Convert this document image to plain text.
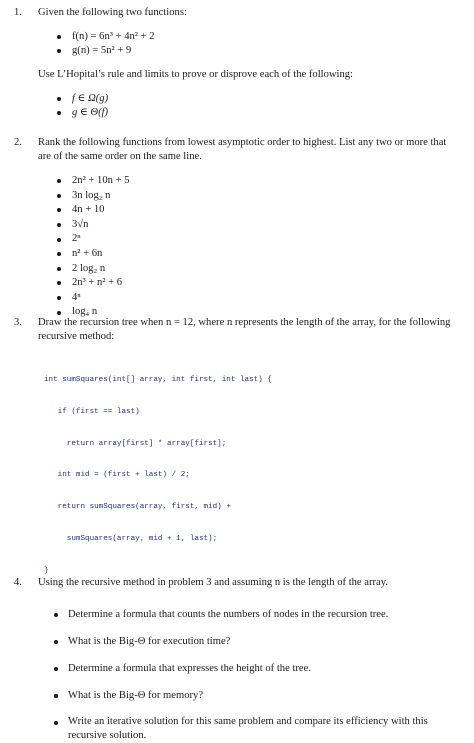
1. Given the following two functions:
f(n) = 6n³ + 4n² + 2
g(n) = 5n² + 9
Use L’Hopital’s rule and limits to prove or disprove each of the following:
f ∈ Ω(g)
g ∈ Θ(f)
2. Rank the following functions from lowest asymptotic order to highest. List any two or more that are of the same order on the same line.
2n² + 10n + 5
3n log₂ n
4n + 10
3√n
2ⁿ
n² + 6n
2 log₂ n
2n³ + n² + 6
4ⁿ
log₄ n
3. Draw the recursion tree when n = 12, where n represents the length of the array, for the following recursive method:

int sumSquares(int[] array, int first, int last) {

if (first == last)

return array[first] * array[first];

int mid = (first + last) / 2;

return sumSquares(array, first, mid) +

sumSquares(array, mid + 1, last);

}

Determine a formula that counts the numbers of nodes in the recursion tree.
What is the Big-Θ for execution time?
Determine a formula that expresses the height of the tree.
What is the Big-Θ for memory?
Write an iterative solution for this same problem and compare its efficiency with this recursive solution.
4. Using the recursive method in problem 3 and assuming n is the length of the array.
